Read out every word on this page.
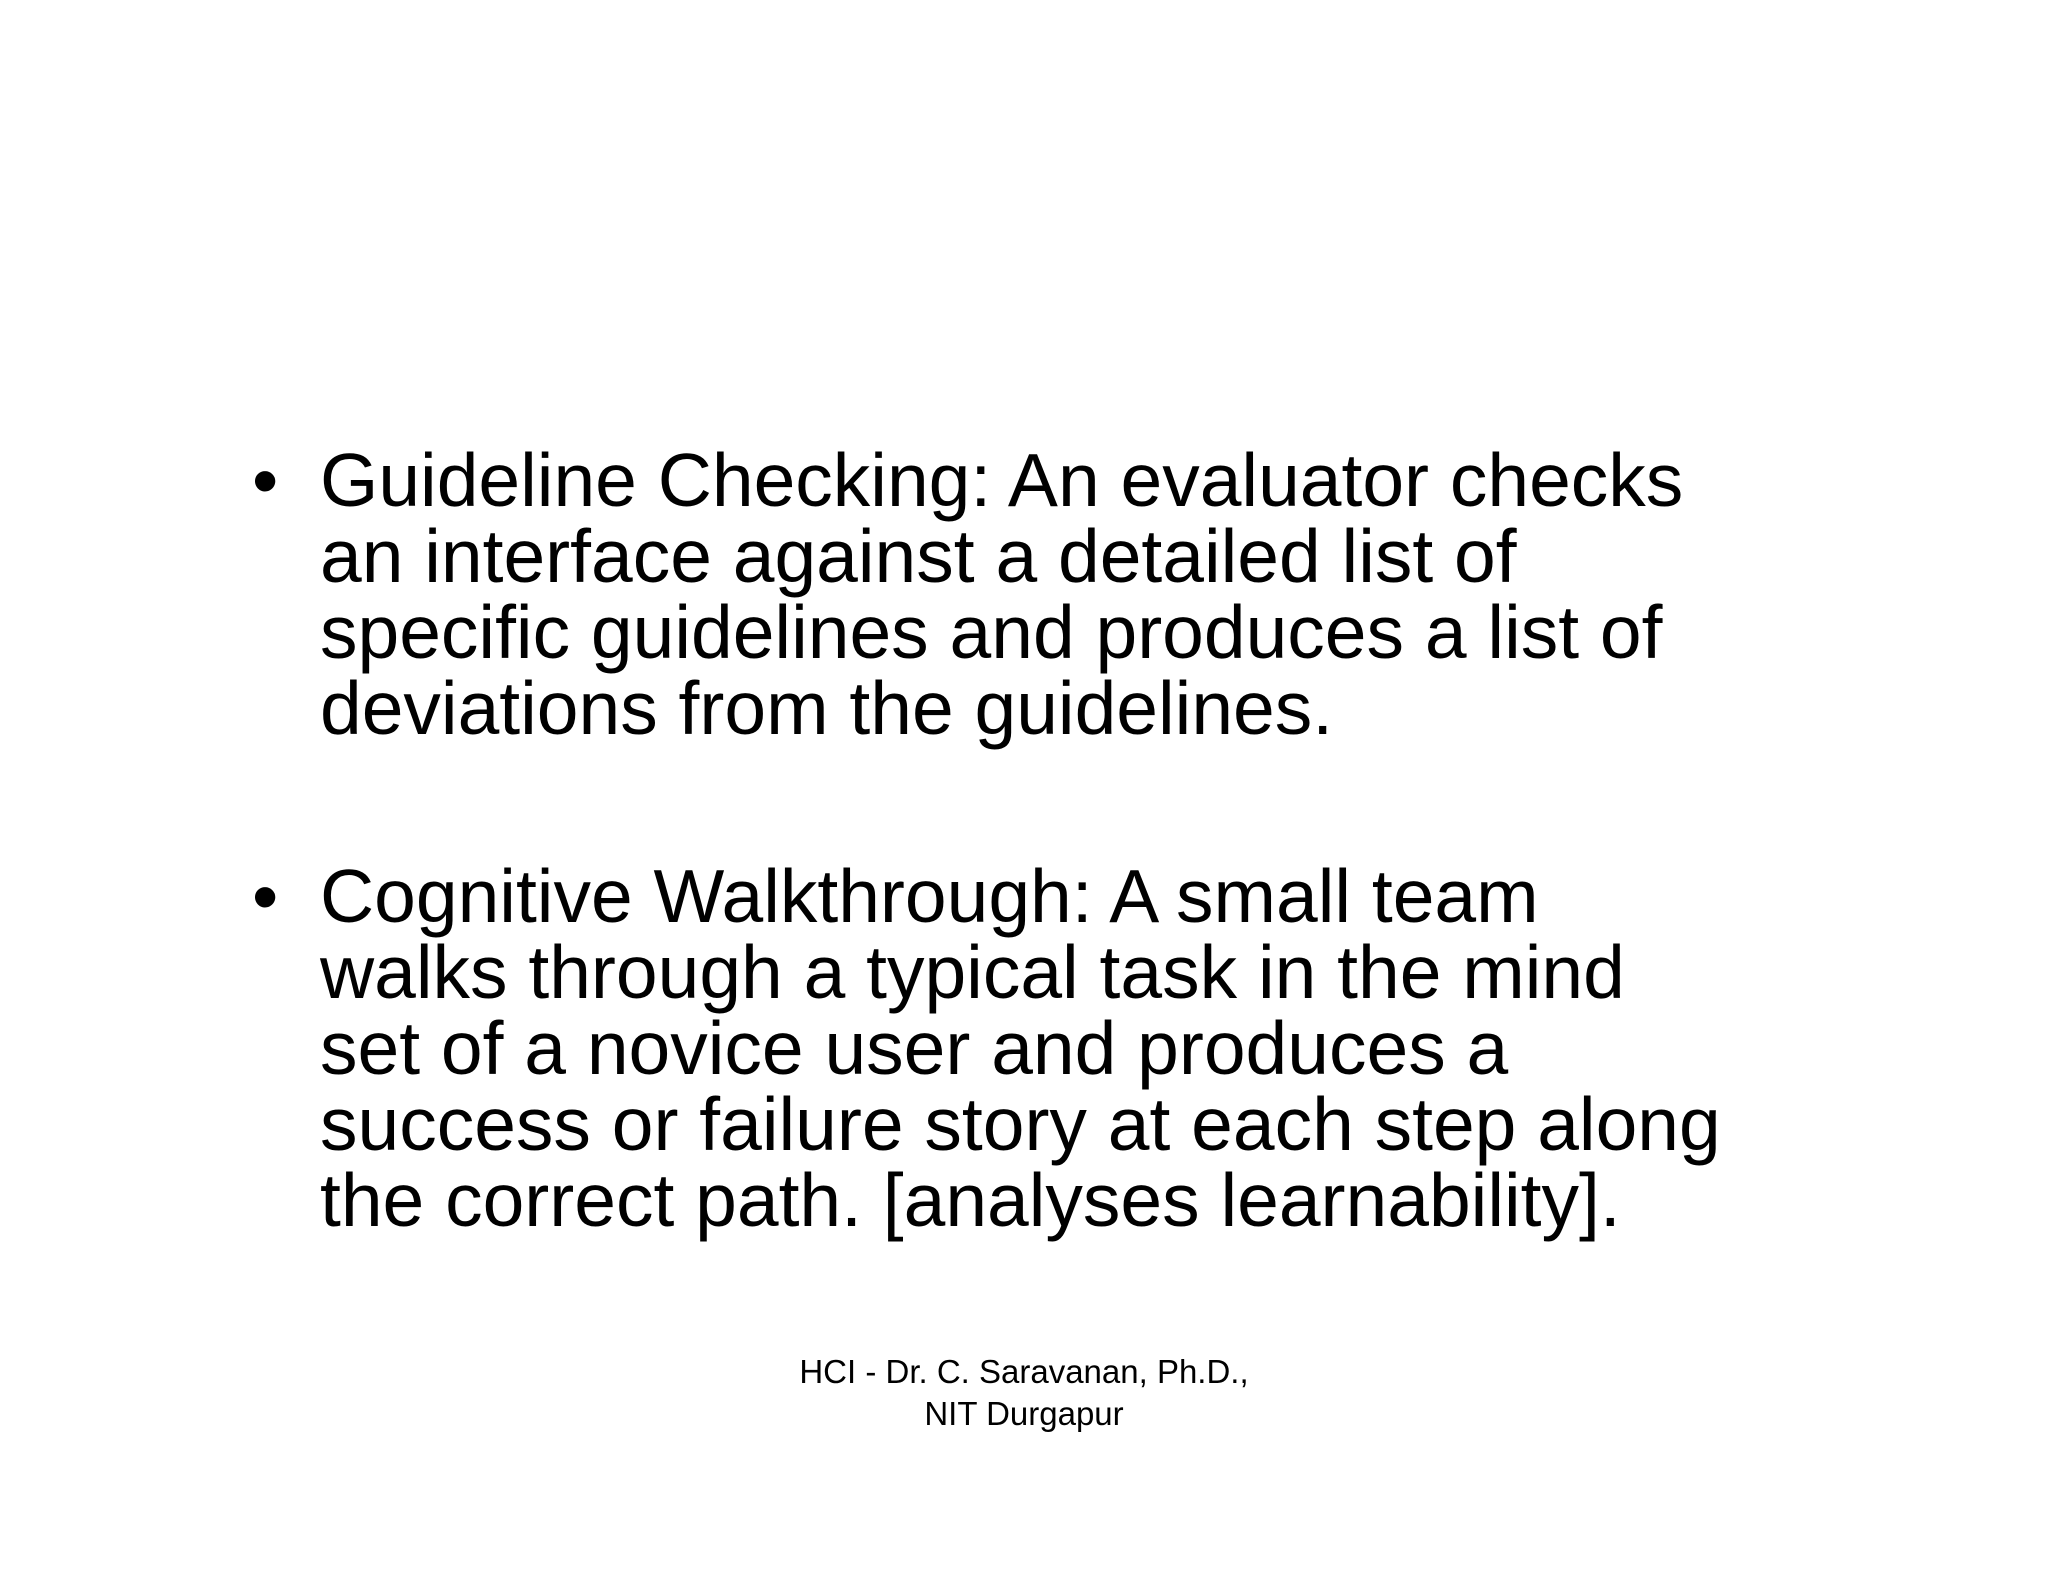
• Guideline Checking: An evaluator checks
an interface against a detailed list of
specific guidelines and produces a list of
deviations from the guidelines.
• Cognitive Walkthrough: A small team
walks through a typical task in the mind
set of a novice user and produces a
success or failure story at each step along
the correct path. [analyses learnability].
HCI - Dr. C. Saravanan, Ph.D.,
NIT Durgapur
